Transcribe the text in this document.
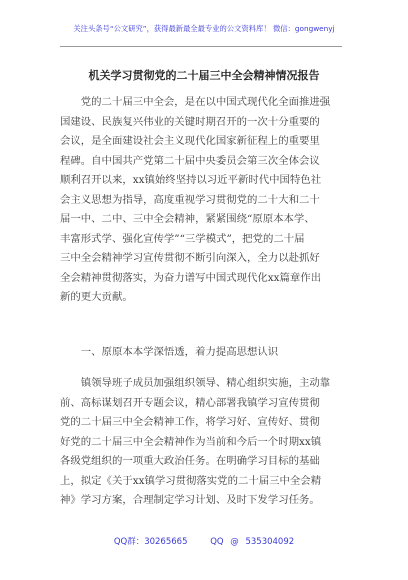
关注头条号“公文研究”，获得最新最全最专业的公文资料库！ 微信：gongwenyj
机关学习贯彻党的二十届三中全会精神情况报告
　　党的二十届三中全会，是在以中国式现代化全面推进强
国建设、民族复兴伟业的关键时期召开的一次十分重要的
会议，是全面建设社会主义现代化国家新征程上的重要里
程碑。自中国共产党第二十届中央委员会第三次全体会议
顺利召开以来，xx镇始终坚持以习近平新时代中国特色社
会主义思想为指导，高度重视学习贯彻党的二十大和二十
届一中、二中、三中全会精神，紧紧围绕“原原本本学、
丰富形式学、强化宣传学”“三学模式”，把党的二十届
三中全会精神学习宣传贯彻不断引向深入，全力以赴抓好
全会精神贯彻落实，为奋力谱写中国式现代化xx篇章作出
新的更大贡献。
　　一、原原本本学深悟透，着力提高思想认识
　　镇领导班子成员加强组织领导、精心组织实施，主动靠
前、高标谋划召开专题会议，精心部署我镇学习宣传贯彻
党的二十届三中全会精神工作，将学习好、宣传好、贯彻
好党的二十届三中全会精神作为当前和今后一个时期xx镇
各级党组织的一项重大政治任务。在明确学习目标的基础
上，拟定《关于xx镇学习贯彻落实党的二十届三中全会精
神》学习方案，合理制定学习计划、及时下发学习任务。
QQ群：30265665	QQ @ 535304092
